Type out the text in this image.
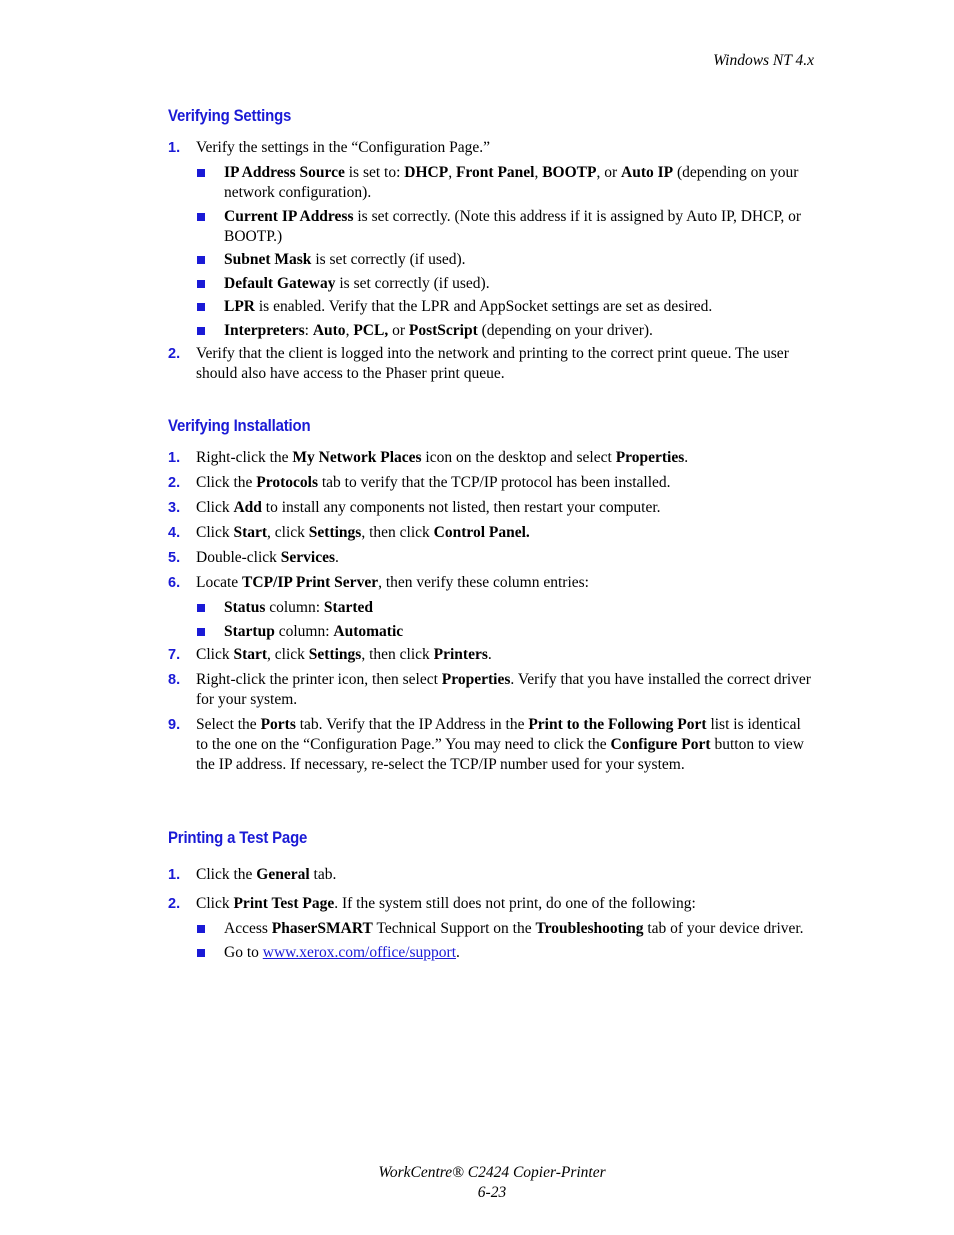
Windows NT 4.x
Verifying Settings
1. Verify the settings in the “Configuration Page.”
IP Address Source is set to: DHCP, Front Panel, BOOTP, or Auto IP (depending on your network configuration).
Current IP Address is set correctly. (Note this address if it is assigned by Auto IP, DHCP, or BOOTP.)
Subnet Mask is set correctly (if used).
Default Gateway is set correctly (if used).
LPR is enabled. Verify that the LPR and AppSocket settings are set as desired.
Interpreters: Auto, PCL, or PostScript (depending on your driver).
2. Verify that the client is logged into the network and printing to the correct print queue. The user should also have access to the Phaser print queue.
Verifying Installation
1. Right-click the My Network Places icon on the desktop and select Properties.
2. Click the Protocols tab to verify that the TCP/IP protocol has been installed.
3. Click Add to install any components not listed, then restart your computer.
4. Click Start, click Settings, then click Control Panel.
5. Double-click Services.
6. Locate TCP/IP Print Server, then verify these column entries:
Status column: Started
Startup column: Automatic
7. Click Start, click Settings, then click Printers.
8. Right-click the printer icon, then select Properties. Verify that you have installed the correct driver for your system.
9. Select the Ports tab. Verify that the IP Address in the Print to the Following Port list is identical to the one on the “Configuration Page.” You may need to click the Configure Port button to view the IP address. If necessary, re-select the TCP/IP number used for your system.
Printing a Test Page
1. Click the General tab.
2. Click Print Test Page. If the system still does not print, do one of the following:
Access PhaserSMART Technical Support on the Troubleshooting tab of your device driver.
Go to www.xerox.com/office/support.
WorkCentre® C2424 Copier-Printer
6-23
